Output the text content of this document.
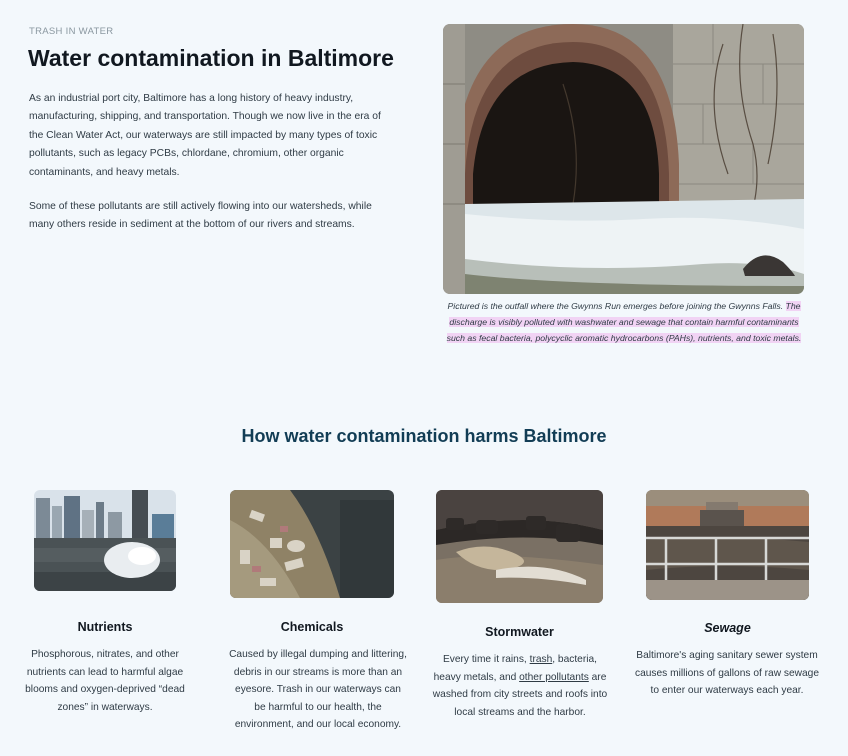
TRASH IN WATER
Water contamination in Baltimore

As an industrial port city, Baltimore has a long history of heavy industry, manufacturing, shipping, and transportation. Though we now live in the era of the Clean Water Act, our waterways are still impacted by many types of toxic pollutants, such as legacy PCBs, chlordane, chromium, other organic contaminants, and heavy metals.

Some of these pollutants are still actively flowing into our watersheds, while many others reside in sediment at the bottom of our rivers and streams.

Pictured is the outfall where the Gwynns Run emerges before joining the Gwynns Falls. The discharge is visibly polluted with washwater and sewage that contain harmful contaminants such as fecal bacteria, polycyclic aromatic hydrocarbons (PAHs), nutrients, and toxic metals.

How water contamination harms Baltimore
Nutrients

Phosphorous, nitrates, and other nutrients can lead to harmful algae blooms and oxygen-deprived “dead zones” in waterways.

Chemicals

Caused by illegal dumping and littering, debris in our streams is more than an eyesore. Trash in our waterways can be harmful to our health, the environment, and our local economy.

Stormwater

Every time it rains, trash, bacteria, heavy metals, and other pollutants are washed from city streets and roofs into local streams and the harbor.

Sewage

Baltimore's aging sanitary sewer system causes millions of gallons of raw sewage to enter our waterways each year.
